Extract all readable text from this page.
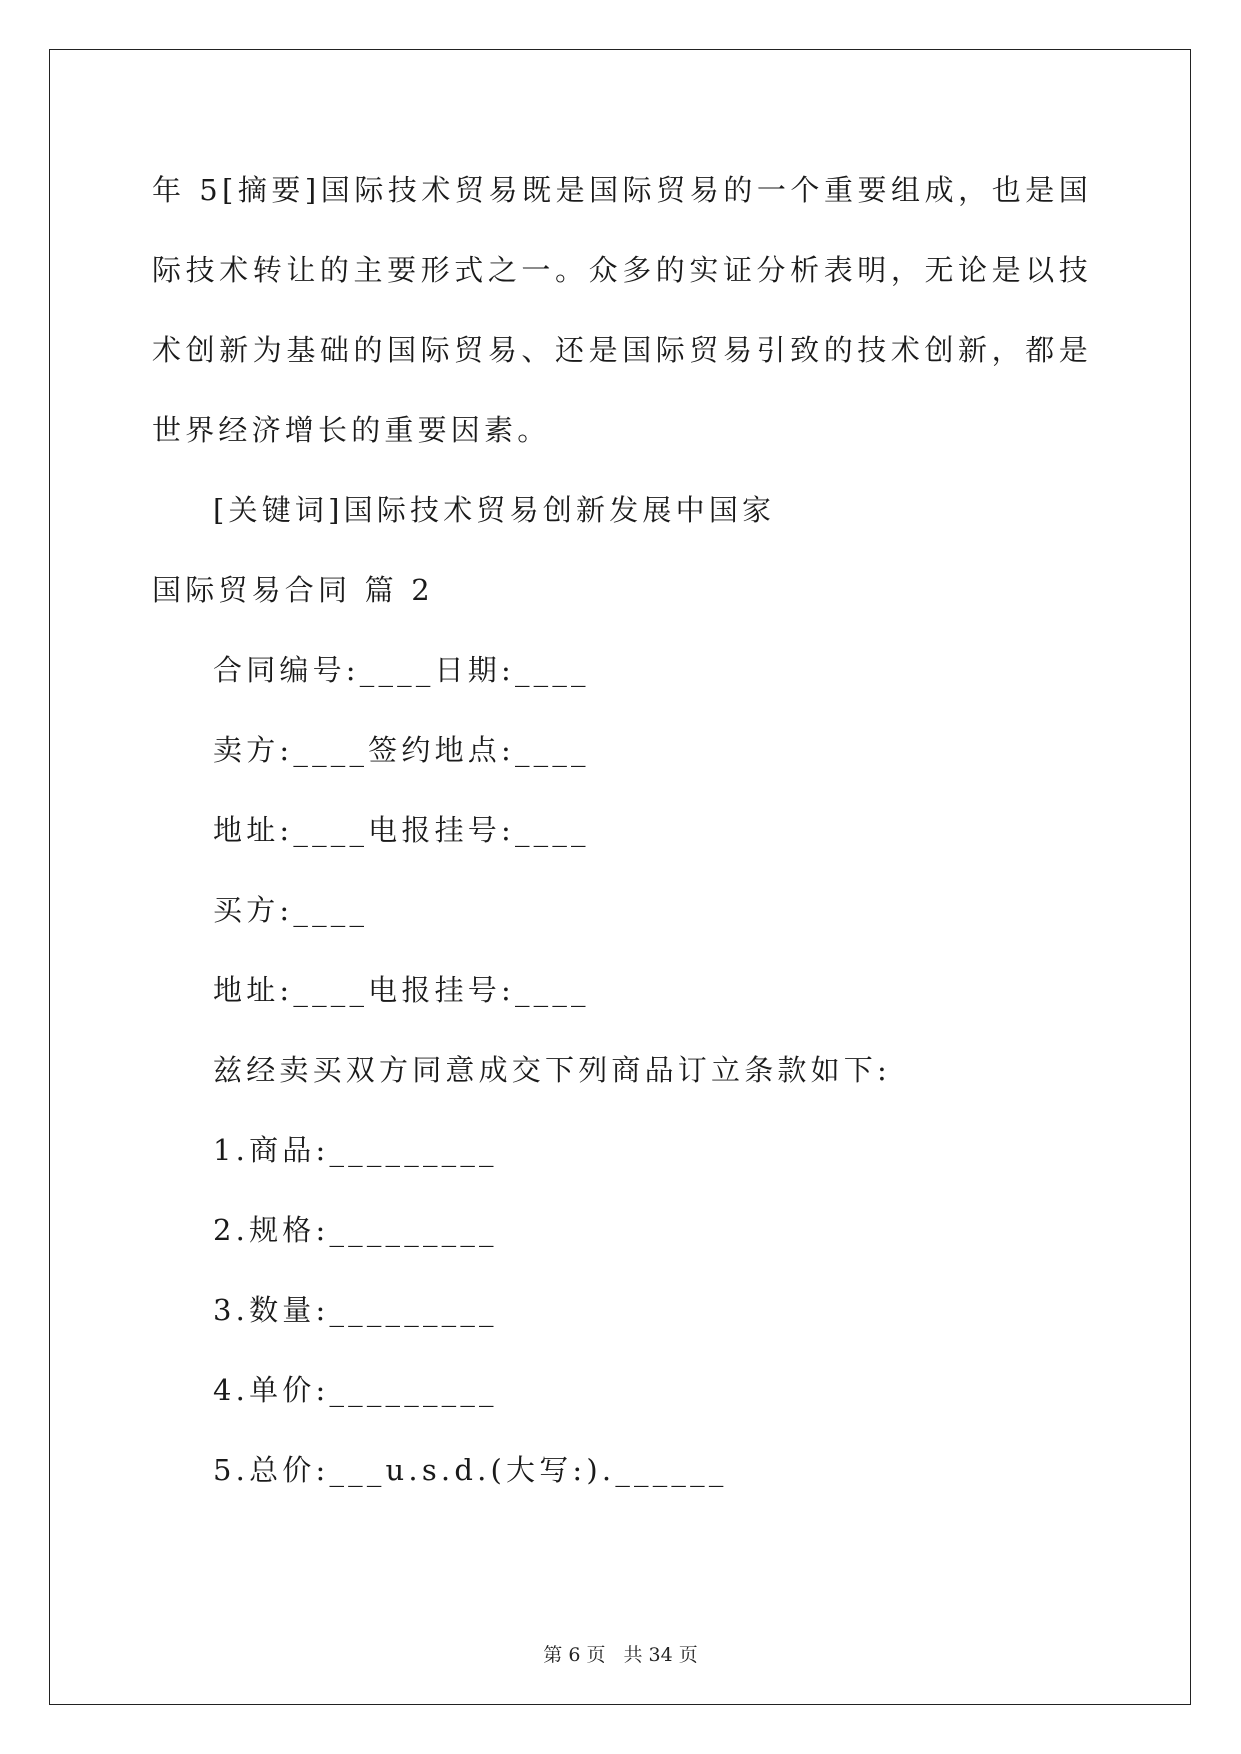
年 5[摘要]国际技术贸易既是国际贸易的一个重要组成，也是国际技术转让的主要形式之一。众多的实证分析表明，无论是以技术创新为基础的国际贸易、还是国际贸易引致的技术创新，都是世界经济增长的重要因素。

[关键词]国际技术贸易创新发展中国家

国际贸易合同 篇 2

合同编号:____日期:____

卖方:____签约地点:____

地址:____电报挂号:____

买方:____

地址:____电报挂号:____

兹经卖买双方同意成交下列商品订立条款如下:

1.商品:_________

2.规格:_________

3.数量:_________

4.单价:_________

5.总价:___u.s.d.(大写:).______

第 6 页 共 34 页
